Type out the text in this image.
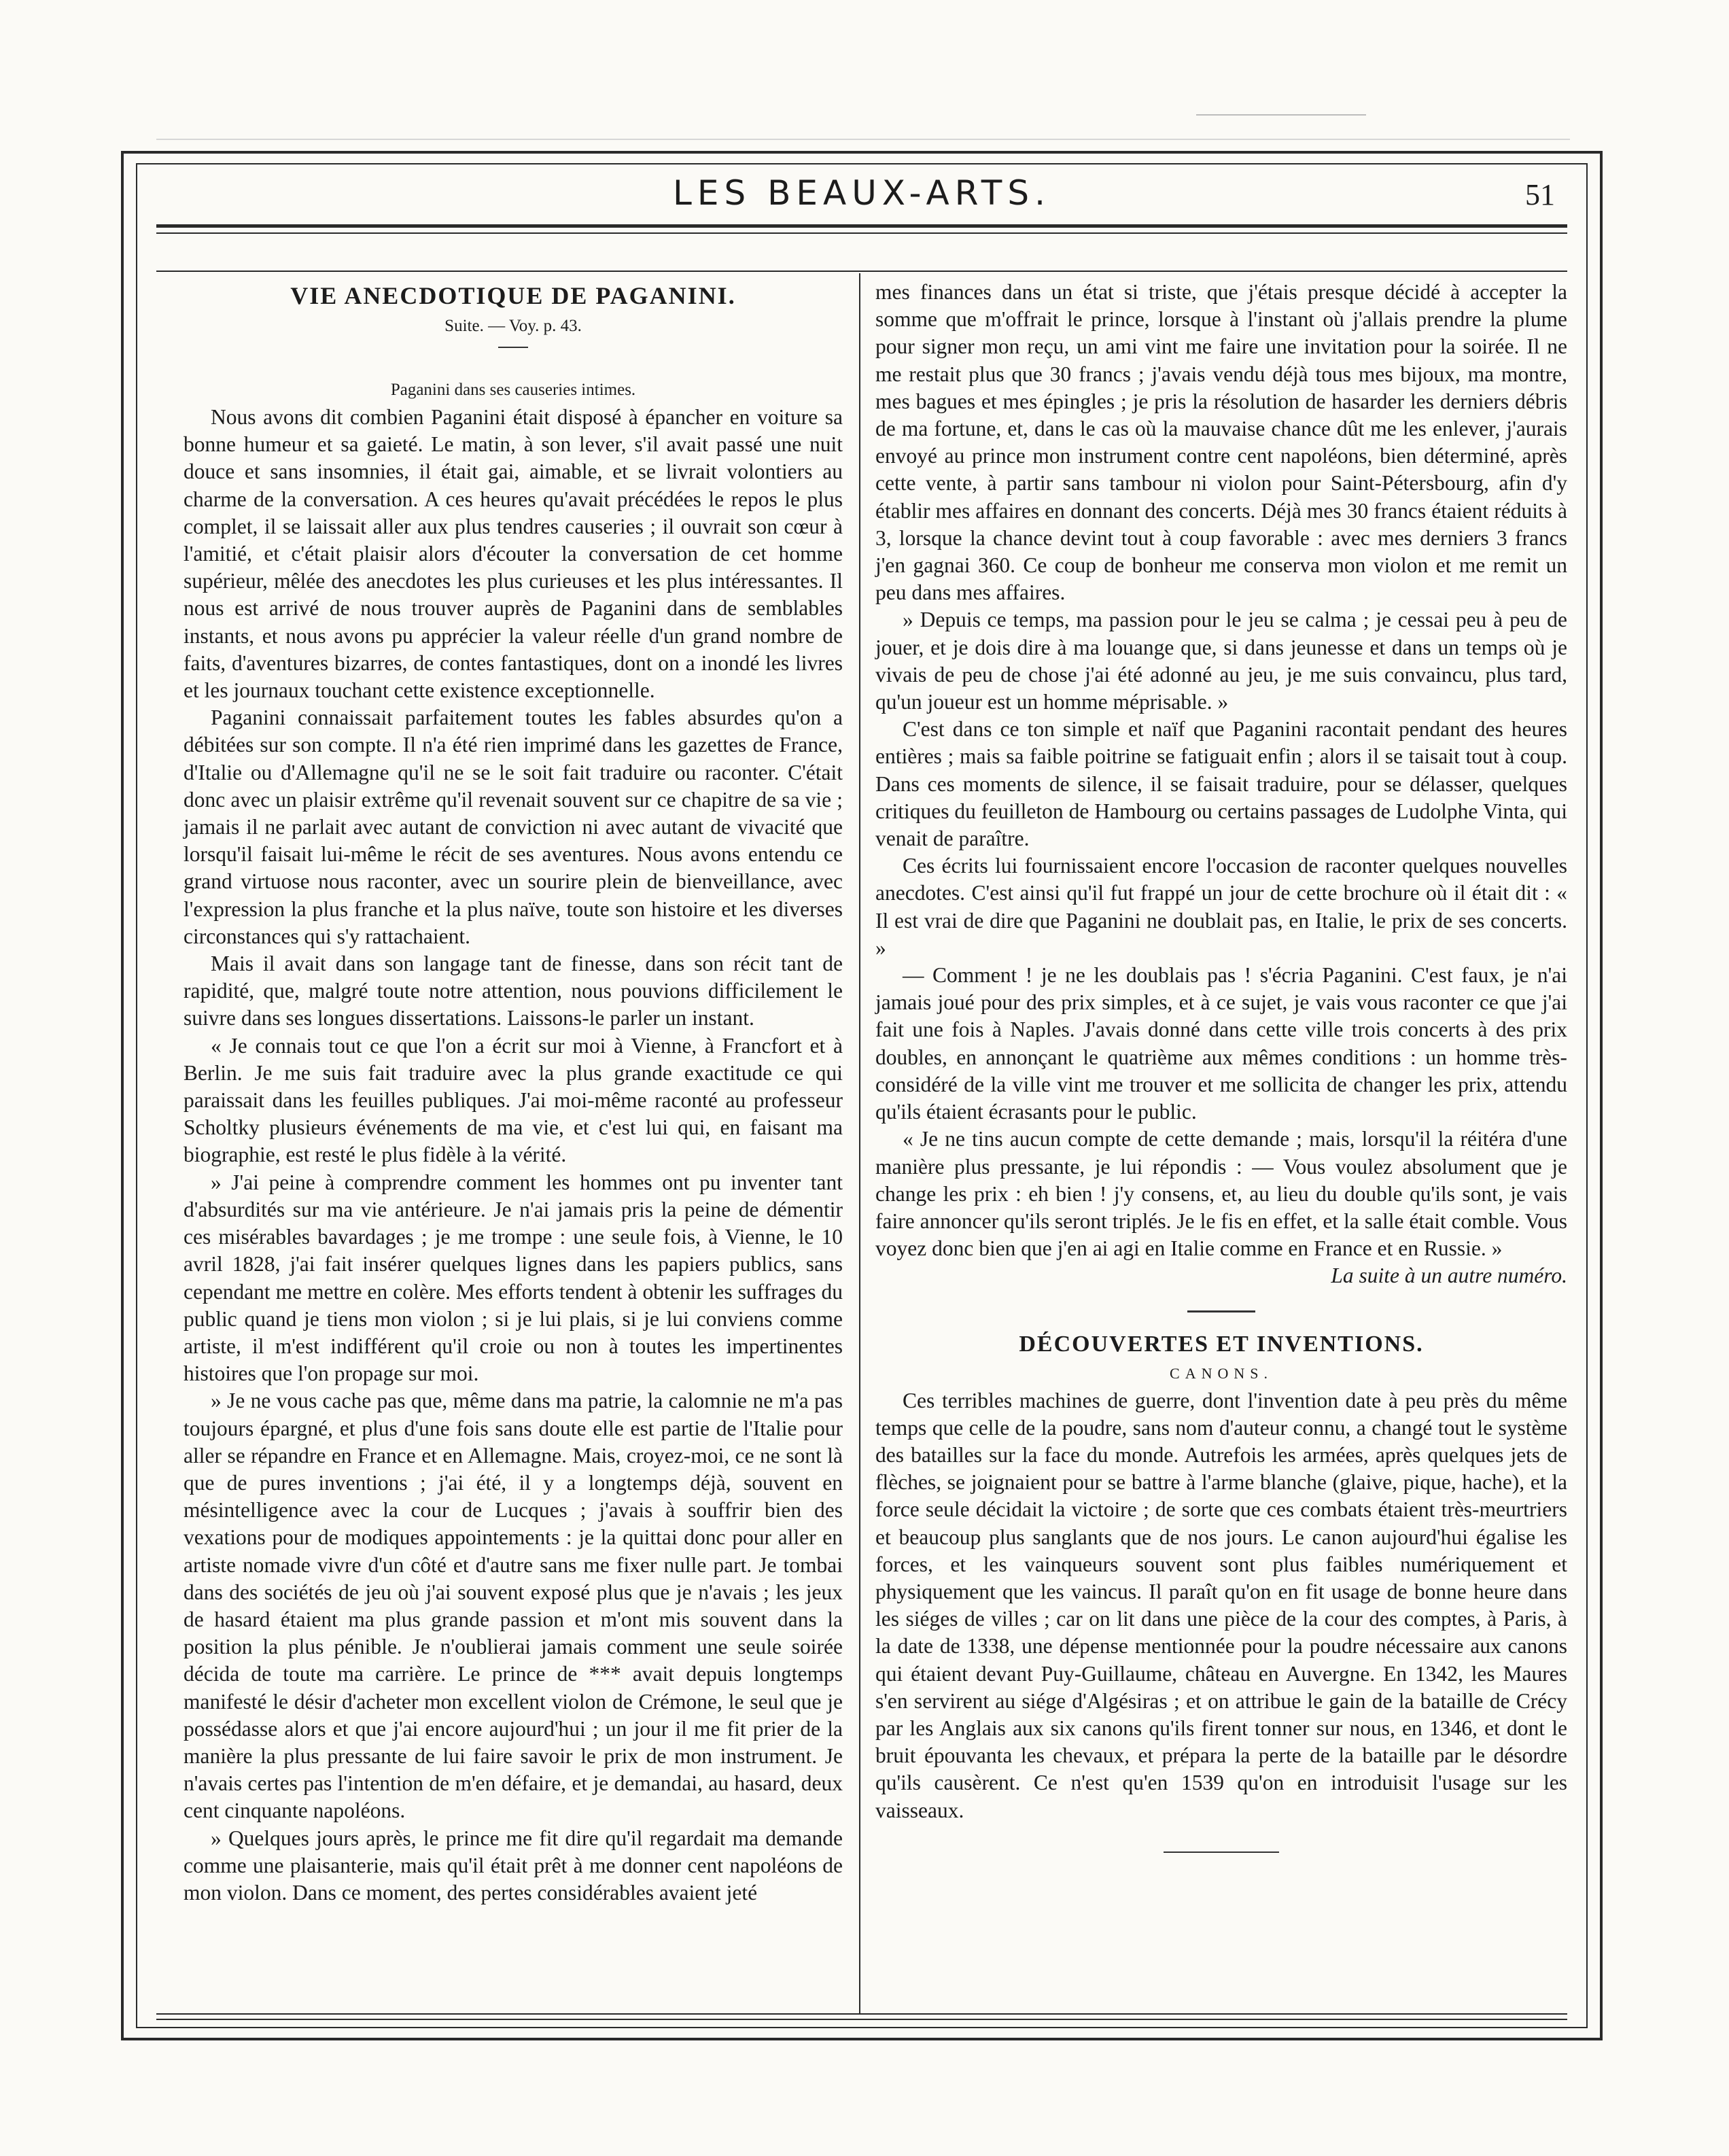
LES BEAUX-ARTS.	51
VIE ANECDOTIQUE DE PAGANINI.

Suite. — Voy. p. 43.

Paganini dans ses causeries intimes.

Nous avons dit combien Paganini était disposé à épancher en voiture sa bonne humeur et sa gaieté. Le matin, à son lever, s'il avait passé une nuit douce et sans insomnies, il était gai, aimable, et se livrait volontiers au charme de la conversation. A ces heures qu'avait précédées le repos le plus complet, il se laissait aller aux plus tendres causeries ; il ouvrait son cœur à l'amitié, et c'était plaisir alors d'écouter la conversation de cet homme supérieur, mêlée des anecdotes les plus curieuses et les plus intéressantes. Il nous est arrivé de nous trouver auprès de Paganini dans de semblables instants, et nous avons pu apprécier la valeur réelle d'un grand nombre de faits, d'aventures bizarres, de contes fantastiques, dont on a inondé les livres et les journaux touchant cette existence exceptionnelle.

Paganini connaissait parfaitement toutes les fables absurdes qu'on a débitées sur son compte. Il n'a été rien imprimé dans les gazettes de France, d'Italie ou d'Allemagne qu'il ne se le soit fait traduire ou raconter. C'était donc avec un plaisir extrême qu'il revenait souvent sur ce chapitre de sa vie ; jamais il ne parlait avec autant de conviction ni avec autant de vivacité que lorsqu'il faisait lui-même le récit de ses aventures. Nous avons entendu ce grand virtuose nous raconter, avec un sourire plein de bienveillance, avec l'expression la plus franche et la plus naïve, toute son histoire et les diverses circonstances qui s'y rattachaient.

Mais il avait dans son langage tant de finesse, dans son récit tant de rapidité, que, malgré toute notre attention, nous pouvions difficilement le suivre dans ses longues dissertations. Laissons-le parler un instant.

« Je connais tout ce que l'on a écrit sur moi à Vienne, à Francfort et à Berlin. Je me suis fait traduire avec la plus grande exactitude ce qui paraissait dans les feuilles publiques. J'ai moi-même raconté au professeur Scholtky plusieurs événements de ma vie, et c'est lui qui, en faisant ma biographie, est resté le plus fidèle à la vérité.

» J'ai peine à comprendre comment les hommes ont pu inventer tant d'absurdités sur ma vie antérieure. Je n'ai jamais pris la peine de démentir ces misérables bavardages ; je me trompe : une seule fois, à Vienne, le 10 avril 1828, j'ai fait insérer quelques lignes dans les papiers publics, sans cependant me mettre en colère. Mes efforts tendent à obtenir les suffrages du public quand je tiens mon violon ; si je lui plais, si je lui conviens comme artiste, il m'est indifférent qu'il croie ou non à toutes les impertinentes histoires que l'on propage sur moi.

» Je ne vous cache pas que, même dans ma patrie, la calomnie ne m'a pas toujours épargné, et plus d'une fois sans doute elle est partie de l'Italie pour aller se répandre en France et en Allemagne. Mais, croyez-moi, ce ne sont là que de pures inventions ; j'ai été, il y a longtemps déjà, souvent en mésintelligence avec la cour de Lucques ; j'avais à souffrir bien des vexations pour de modiques appointements : je la quittai donc pour aller en artiste nomade vivre d'un côté et d'autre sans me fixer nulle part. Je tombai dans des sociétés de jeu où j'ai souvent exposé plus que je n'avais ; les jeux de hasard étaient ma plus grande passion et m'ont mis souvent dans la position la plus pénible. Je n'oublierai jamais comment une seule soirée décida de toute ma carrière. Le prince de *** avait depuis longtemps manifesté le désir d'acheter mon excellent violon de Crémone, le seul que je possédasse alors et que j'ai encore aujourd'hui ; un jour il me fit prier de la manière la plus pressante de lui faire savoir le prix de mon instrument. Je n'avais certes pas l'intention de m'en défaire, et je demandai, au hasard, deux cent cinquante napoléons.

» Quelques jours après, le prince me fit dire qu'il regardait ma demande comme une plaisanterie, mais qu'il était prêt à me donner cent napoléons de mon violon. Dans ce moment, des pertes considérables avaient jeté

mes finances dans un état si triste, que j'étais presque décidé à accepter la somme que m'offrait le prince, lorsque à l'instant où j'allais prendre la plume pour signer mon reçu, un ami vint me faire une invitation pour la soirée. Il ne me restait plus que 30 francs ; j'avais vendu déjà tous mes bijoux, ma montre, mes bagues et mes épingles ; je pris la résolution de hasarder les derniers débris de ma fortune, et, dans le cas où la mauvaise chance dût me les enlever, j'aurais envoyé au prince mon instrument contre cent napoléons, bien déterminé, après cette vente, à partir sans tambour ni violon pour Saint-Pétersbourg, afin d'y établir mes affaires en donnant des concerts. Déjà mes 30 francs étaient réduits à 3, lorsque la chance devint tout à coup favorable : avec mes derniers 3 francs j'en gagnai 360. Ce coup de bonheur me conserva mon violon et me remit un peu dans mes affaires.

» Depuis ce temps, ma passion pour le jeu se calma ; je cessai peu à peu de jouer, et je dois dire à ma louange que, si dans jeunesse et dans un temps où je vivais de peu de chose j'ai été adonné au jeu, je me suis convaincu, plus tard, qu'un joueur est un homme méprisable. »

C'est dans ce ton simple et naïf que Paganini racontait pendant des heures entières ; mais sa faible poitrine se fatiguait enfin ; alors il se taisait tout à coup. Dans ces moments de silence, il se faisait traduire, pour se délasser, quelques critiques du feuilleton de Hambourg ou certains passages de Ludolphe Vinta, qui venait de paraître.

Ces écrits lui fournissaient encore l'occasion de raconter quelques nouvelles anecdotes. C'est ainsi qu'il fut frappé un jour de cette brochure où il était dit : « Il est vrai de dire que Paganini ne doublait pas, en Italie, le prix de ses concerts. »

— Comment ! je ne les doublais pas ! s'écria Paganini. C'est faux, je n'ai jamais joué pour des prix simples, et à ce sujet, je vais vous raconter ce que j'ai fait une fois à Naples. J'avais donné dans cette ville trois concerts à des prix doubles, en annonçant le quatrième aux mêmes conditions : un homme très-considéré de la ville vint me trouver et me sollicita de changer les prix, attendu qu'ils étaient écrasants pour le public.

« Je ne tins aucun compte de cette demande ; mais, lorsqu'il la réitéra d'une manière plus pressante, je lui répondis : — Vous voulez absolument que je change les prix : eh bien ! j'y consens, et, au lieu du double qu'ils sont, je vais faire annoncer qu'ils seront triplés. Je le fis en effet, et la salle était comble. Vous voyez donc bien que j'en ai agi en Italie comme en France et en Russie. »

La suite à un autre numéro.

DÉCOUVERTES ET INVENTIONS.

CANONS.

Ces terribles machines de guerre, dont l'invention date à peu près du même temps que celle de la poudre, sans nom d'auteur connu, a changé tout le système des batailles sur la face du monde. Autrefois les armées, après quelques jets de flèches, se joignaient pour se battre à l'arme blanche (glaive, pique, hache), et la force seule décidait la victoire ; de sorte que ces combats étaient très-meurtriers et beaucoup plus sanglants que de nos jours. Le canon aujourd'hui égalise les forces, et les vainqueurs souvent sont plus faibles numériquement et physiquement que les vaincus. Il paraît qu'on en fit usage de bonne heure dans les siéges de villes ; car on lit dans une pièce de la cour des comptes, à Paris, à la date de 1338, une dépense mentionnée pour la poudre nécessaire aux canons qui étaient devant Puy-Guillaume, château en Auvergne. En 1342, les Maures s'en servirent au siége d'Algésiras ; et on attribue le gain de la bataille de Crécy par les Anglais aux six canons qu'ils firent tonner sur nous, en 1346, et dont le bruit épouvanta les chevaux, et prépara la perte de la bataille par le désordre qu'ils causèrent. Ce n'est qu'en 1539 qu'on en introduisit l'usage sur les vaisseaux.
